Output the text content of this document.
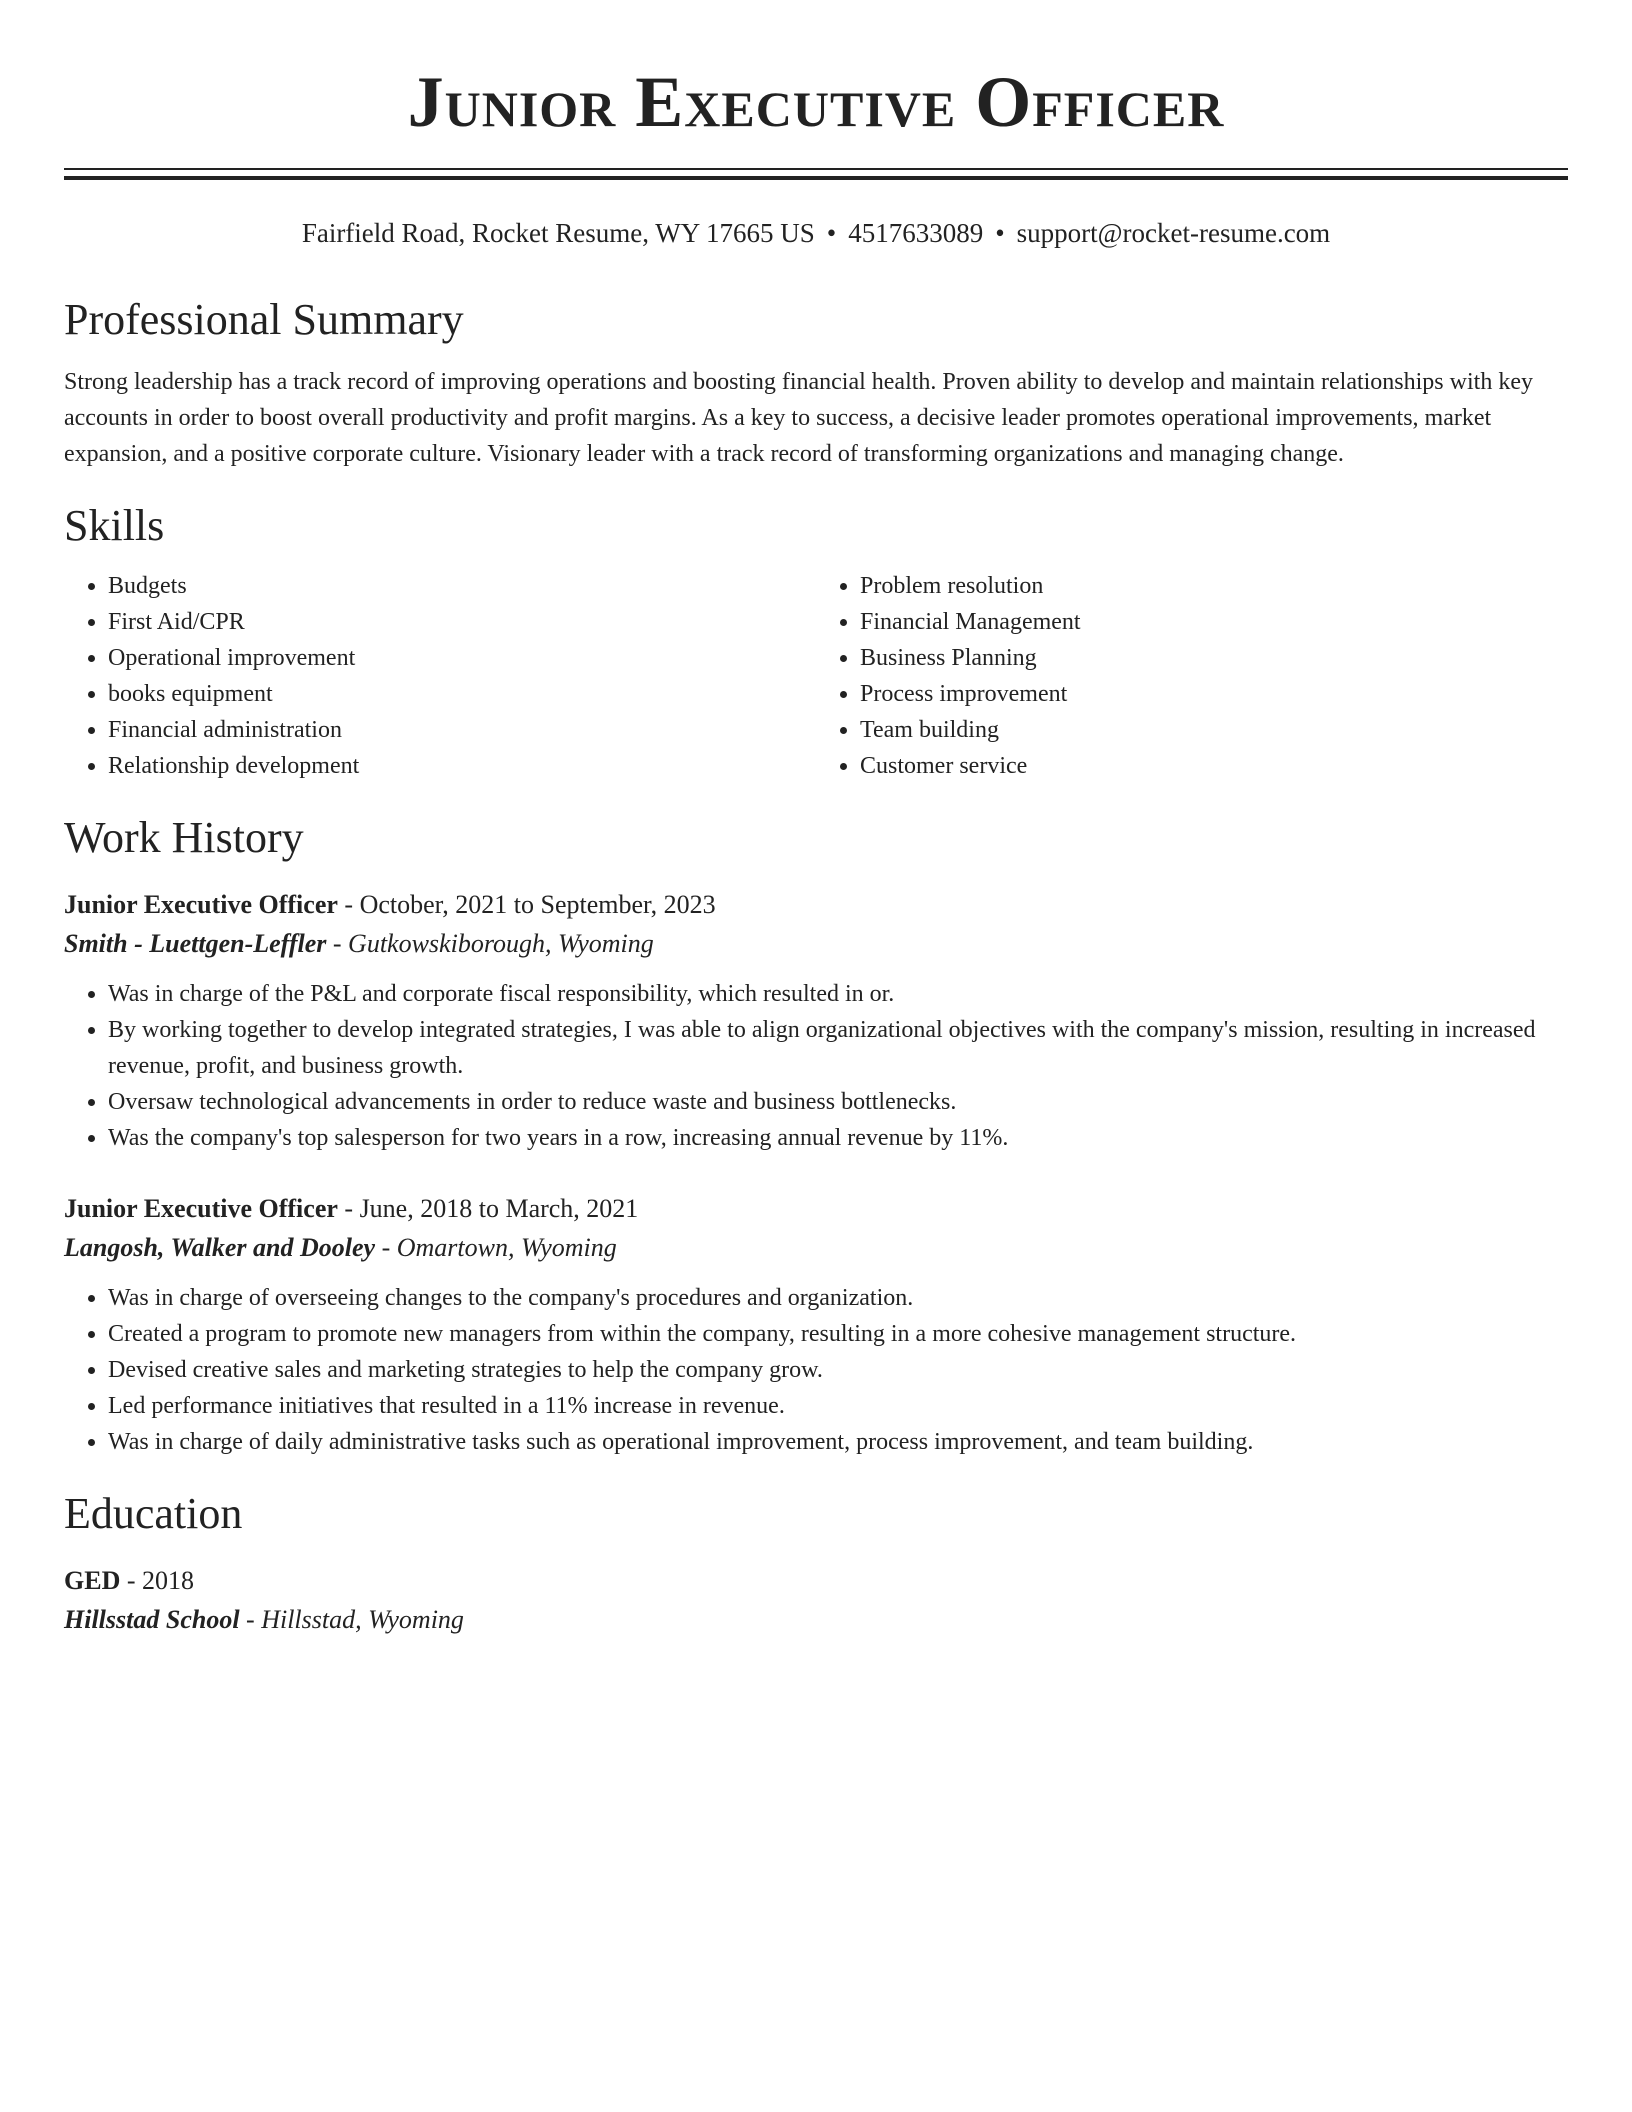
Junior Executive Officer
Fairfield Road, Rocket Resume, WY 17665 US • 4517633089 • support@rocket-resume.com
Professional Summary

Strong leadership has a track record of improving operations and boosting financial health. Proven ability to develop and maintain relationships with key accounts in order to boost overall productivity and profit margins. As a key to success, a decisive leader promotes operational improvements, market expansion, and a positive corporate culture. Visionary leader with a track record of transforming organizations and managing change.

Skills
• Budgets
• First Aid/CPR
• Operational improvement
• books equipment
• Financial administration
• Relationship development
• Problem resolution
• Financial Management
• Business Planning
• Process improvement
• Team building
• Customer service
Work History
Junior Executive Officer - October, 2021 to September, 2023
Smith - Luettgen-Leffler - Gutkowskiborough, Wyoming
• Was in charge of the P&L and corporate fiscal responsibility, which resulted in or.
• By working together to develop integrated strategies, I was able to align organizational objectives with the company's mission, resulting in increased revenue, profit, and business growth.
• Oversaw technological advancements in order to reduce waste and business bottlenecks.
• Was the company's top salesperson for two years in a row, increasing annual revenue by 11%.
Junior Executive Officer - June, 2018 to March, 2021
Langosh, Walker and Dooley - Omartown, Wyoming
• Was in charge of overseeing changes to the company's procedures and organization.
• Created a program to promote new managers from within the company, resulting in a more cohesive management structure.
• Devised creative sales and marketing strategies to help the company grow.
• Led performance initiatives that resulted in a 11% increase in revenue.
• Was in charge of daily administrative tasks such as operational improvement, process improvement, and team building.
Education
GED - 2018
Hillsstad School - Hillsstad, Wyoming
